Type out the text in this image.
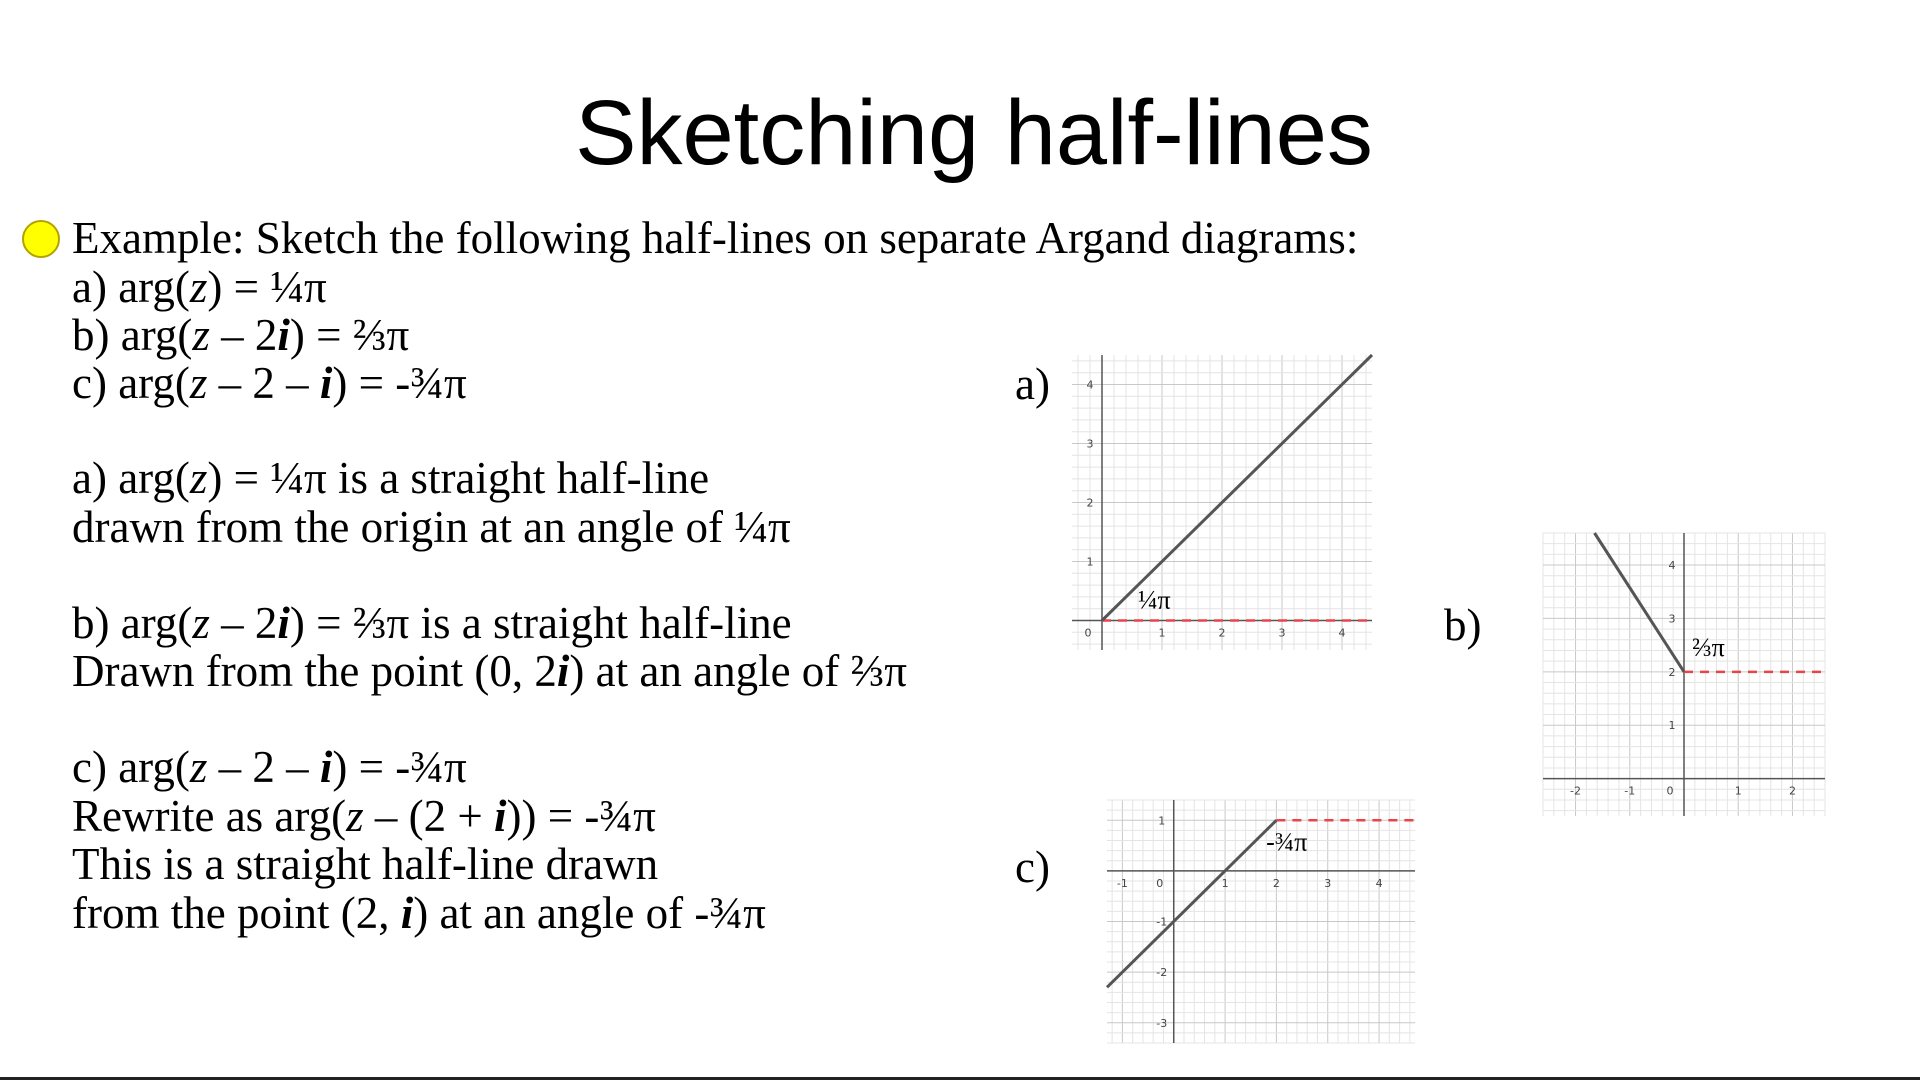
Sketching half-lines
Example: Sketch the following half-lines on separate Argand diagrams:
a) arg(z) = ¼π
b) arg(z – 2i) = ⅔π
c) arg(z – 2 – i) = -¾π
a) arg(z) = ¼π is a straight half-line
drawn from the origin at an angle of ¼π
b) arg(z – 2i) = ⅔π is a straight half-line
Drawn from the point (0, 2i) at an angle of ⅔π
c) arg(z – 2 – i) = -¾π
Rewrite as arg(z – (2 + i)) = -¾π
This is a straight half-line drawn
from the point (2, i) at an angle of -¾π
a)
b)
c)
0	1	2	3	4
1
2
3
4
¼π
-2	-1	0	1	2
1
2
3
4
⅔π
-1	0	1	2	3	4
1
-1
-2
-3
-¾π
